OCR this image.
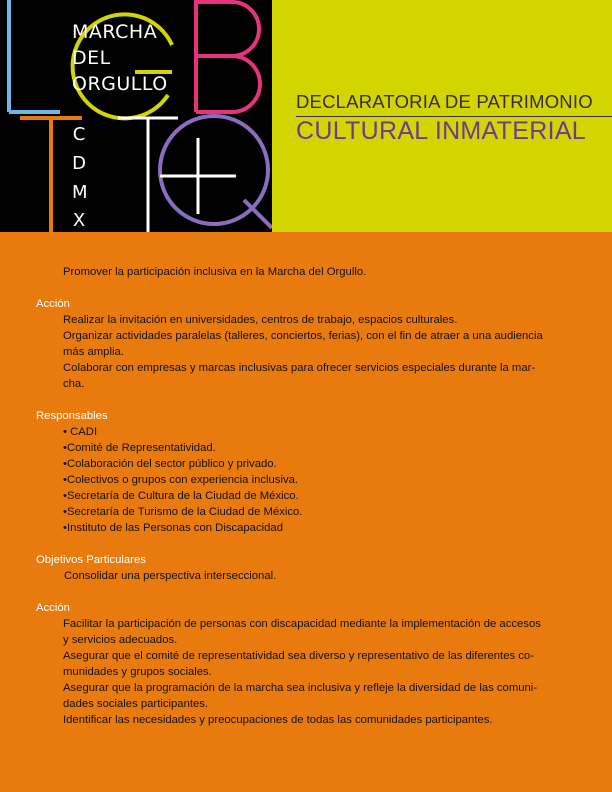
MARCHA
DEL
ORGULLO
C
D
M
X
DECLARATORIA DE PATRIMONIO
CULTURAL INMATERIAL
Promover la participación inclusiva en la Marcha del Orgullo.
Acción
Realizar la invitación en universidades, centros de trabajo, espacios culturales.
Organizar actividades paralelas (talleres, conciertos, ferias), con el fin de atraer a una audiencia
más amplia.
Colaborar con empresas y marcas inclusivas para ofrecer servicios especiales durante la mar-
cha.
Responsables
• CADI
•Comité de Representatividad.
•Colaboración del sector público y privado.
•Colectivos o grupos con experiencia inclusiva.
•Secretaría de Cultura de la Ciudad de México.
•Secretaría de Turismo de la Ciudad de México.
•Instituto de las Personas con Discapacidad
Objetivos Particulares
Consolidar una perspectiva interseccional.
Acción
Facilitar la participación de personas con discapacidad mediante la implementación de accesos
y servicios adecuados.
Asegurar que el comité de representatividad sea diverso y representativo de las diferentes co-
munidades y grupos sociales.
Asegurar que la programación de la marcha sea inclusiva y refleje la diversidad de las comuni-
dades sociales participantes.
Identificar las necesidades y preocupaciones de todas las comunidades participantes.
